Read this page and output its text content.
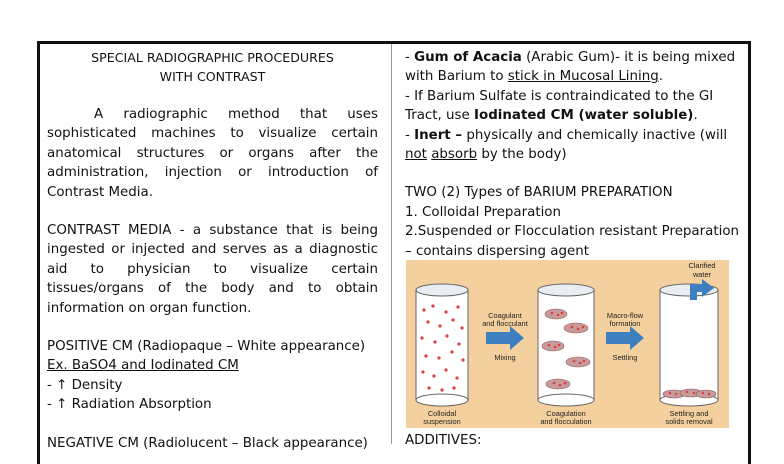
SPECIAL RADIOGRAPHIC PROCEDURES
WITH CONTRAST
A radiographic method that uses sophisticated machines to visualize certain anatomical structures or organs after the administration, injection or introduction of Contrast Media.
CONTRAST MEDIA - a substance that is being ingested or injected and serves as a diagnostic aid to physician to visualize certain tissues/organs of the body and to obtain information on organ function.
POSITIVE CM (Radiopaque – White appearance)
Ex. BaSO4 and Iodinated CM
- ↑ Density
- ↑ Radiation Absorption
NEGATIVE CM (Radiolucent – Black appearance)
- Gum of Acacia (Arabic Gum)- it is being mixed with Barium to stick in Mucosal Lining.
- If Barium Sulfate is contraindicated to the GI Tract, use Iodinated CM (water soluble).
- Inert – physically and chemically inactive (will not absorb by the body)
TWO (2) Types of BARIUM PREPARATION
1. Colloidal Preparation
2.Suspended or Flocculation resistant Preparation – contains dispersing agent
ADDITIVES:
Clarified
water
Coagulant
and flocculant
Mixing
Macro-flow
formation
Settling
Colloidal
suspension
Coagulation
and flocculation
Settling and
solids removal
